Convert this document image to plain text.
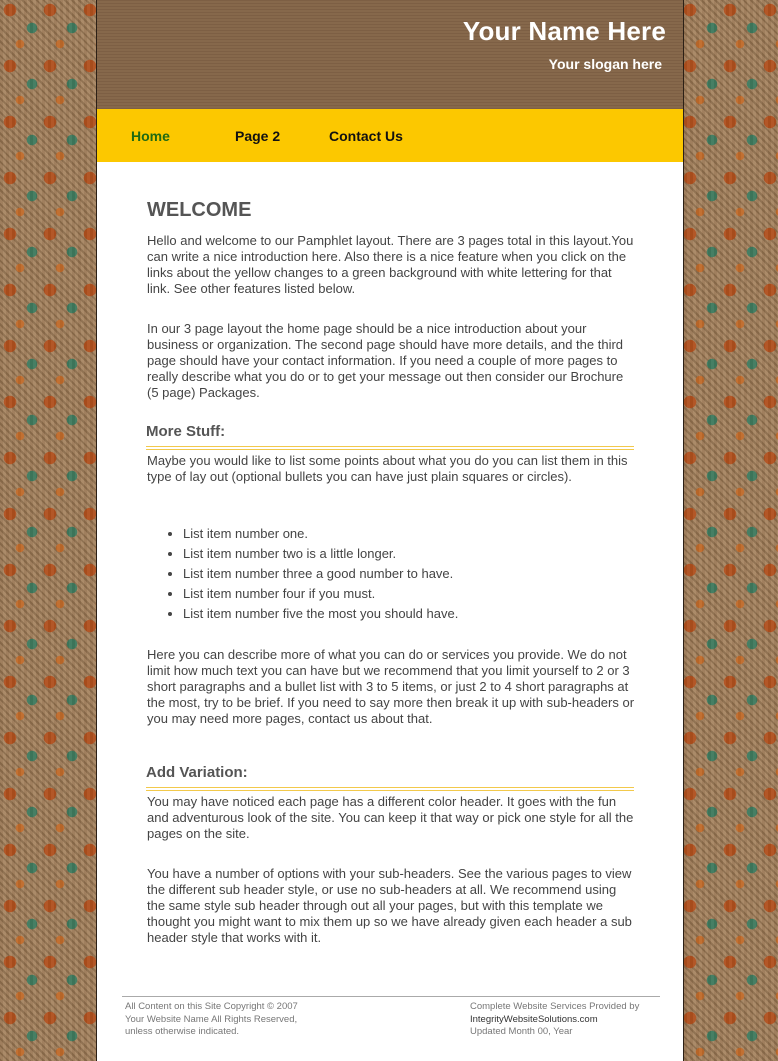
Your Name Here
Your slogan here
Home	Page 2	Contact Us
WELCOME

Hello and welcome to our Pamphlet layout. There are 3 pages total in this layout.You can write a nice introduction here. Also there is a nice feature when you click on the links about the yellow changes to a green background with white lettering for that link. See other features listed below.

In our 3 page layout the home page should be a nice introduction about your business or organization. The second page should have more details, and the third page should have your contact information. If you need a couple of more pages to really describe what you do or to get your message out then consider our Brochure (5 page) Packages.

More Stuff:

Maybe you would like to list some points about what you do you can list them in this type of lay out (optional bullets you can have just plain squares or circles).

• List item number one.
• List item number two is a little longer.
• List item number three a good number to have.
• List item number four if you must.
• List item number five the most you should have.

Here you can describe more of what you can do or services you provide. We do not limit how much text you can have but we recommend that you limit yourself to 2 or 3 short paragraphs and a bullet list with 3 to 5 items, or just 2 to 4 short paragraphs at the most, try to be brief. If you need to say more then break it up with sub-headers or you may need more pages, contact us about that.

Add Variation:

You may have noticed each page has a different color header. It goes with the fun and adventurous look of the site. You can keep it that way or pick one style for all the pages on the site.

You have a number of options with your sub-headers. See the various pages to view the different sub header style, or use no sub-headers at all. We recommend using the same style sub header through out all your pages, but with this template we thought you might want to mix them up so we have already given each header a sub header style that works with it.

All Content on this Site Copyright © 2007
Your Website Name All Rights Reserved,
unless otherwise indicated.
Complete Website Services Provided by
IntegrityWebsiteSolutions.com
Updated Month 00, Year
